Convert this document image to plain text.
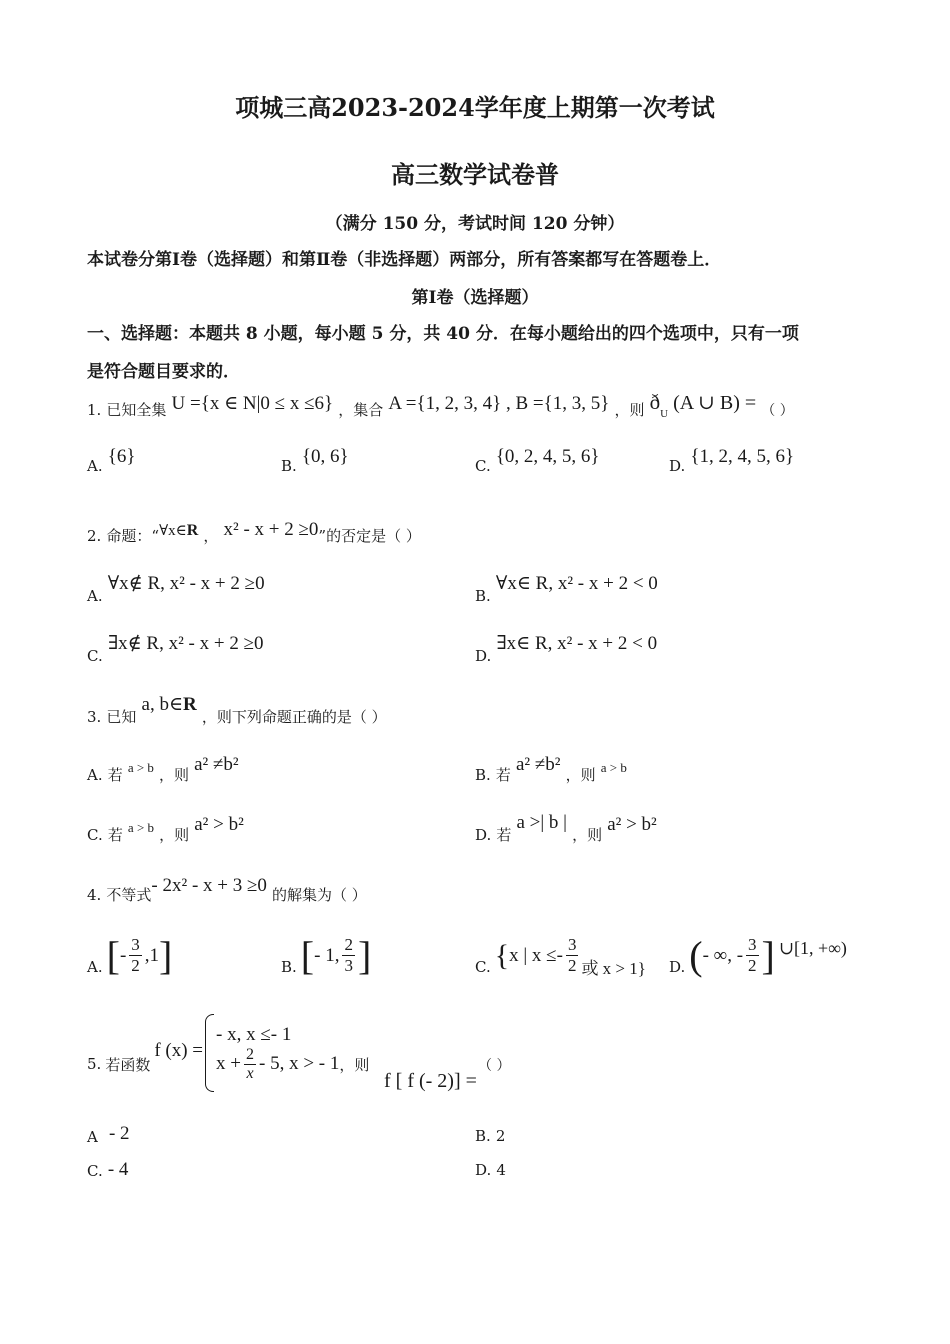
项城三高2023-2024学年度上期第一次考试
高三数学试卷普
（满分 150 分，考试时间 120 分钟）
本试卷分第Ⅰ卷（选择题）和第Ⅱ卷（非选择题）两部分，所有答案都写在答题卷上．
第Ⅰ卷（选择题）
一、选择题：本题共 8 小题，每小题 5 分，共 40 分．在每小题给出的四个选项中，只有一项
是符合题目要求的．
1. 已知全集 U ={x ∈ N|0 ≤ x ≤6} ，集合 A ={1, 2, 3, 4} , B ={1, 3, 5} ，则 $ð_U$ (A ∪ B) = （ ）
A. {6}	B. {0, 6}	C. {0, 2, 4, 5, 6}	D. {1, 2, 4, 5, 6}
2. 命题：“∀x∈R ， x² - x + 2 ≥0”的否定是（ ）
A. ∀x∉ R, x² - x + 2 ≥0
B. ∀x∈ R, x² - x + 2 < 0
C. ∃x∉ R, x² - x + 2 ≥0
D. ∃x∈ R, x² - x + 2 < 0
3. 已知 a, b∈R ，则下列命题正确的是（ ）
A. 若 $^{a > b}$ ，则 a² ≠b²	B. 若 a² ≠b² ，则 $^{a > b}$
C. 若 $^{a > b}$ ，则 a² > b²	D. 若 a >| b | ，则 a² > b²
4. 不等式- 2x² - x + 3 ≥0 的解集为（ ）
A. [ - $\frac{3}{2} ,1$ ]	B. [ - 1, $\frac{2}{3}$ ]	C. { x | $x \le- \frac{3}{2}$ 或 x > 1} D. ( - ∞, - $\frac{3}{2}$ ] ∪[1, +∞)
5. 若函数
f (x) =
- x, x ≤- 1
$x + \frac{2}{x} - 5$, x > - 1 ，则
f [ f (- 2)] =
（ ）
A - 2	B. 2
C. - 4	D. 4
